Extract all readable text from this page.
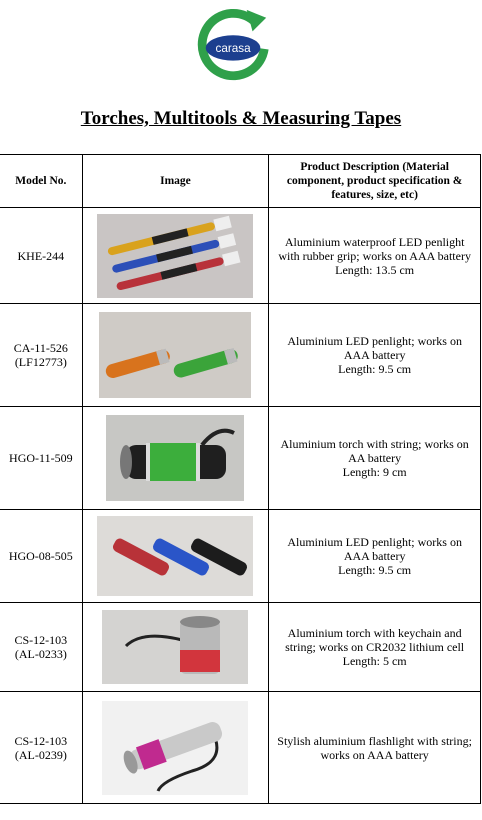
carasa
Torches, Multitools & Measuring Tapes
Model No.	Image	Product Description (Material component, product specification & features, size, etc)
KHE-244		Aluminium waterproof LED penlight with rubber grip; works on AAA battery
Length: 13.5 cm
CA-11-526
(LF12773)		Aluminium LED penlight; works on AAA battery
Length: 9.5 cm
HGO-11-509		Aluminium torch with string; works on AA battery
Length: 9 cm
HGO-08-505		Aluminium LED penlight; works on AAA battery
Length: 9.5 cm
CS-12-103
(AL-0233)		Aluminium torch with keychain and string; works on CR2032 lithium cell
Length: 5 cm
CS-12-103
(AL-0239)		Stylish aluminium flashlight with string; works on AAA battery
